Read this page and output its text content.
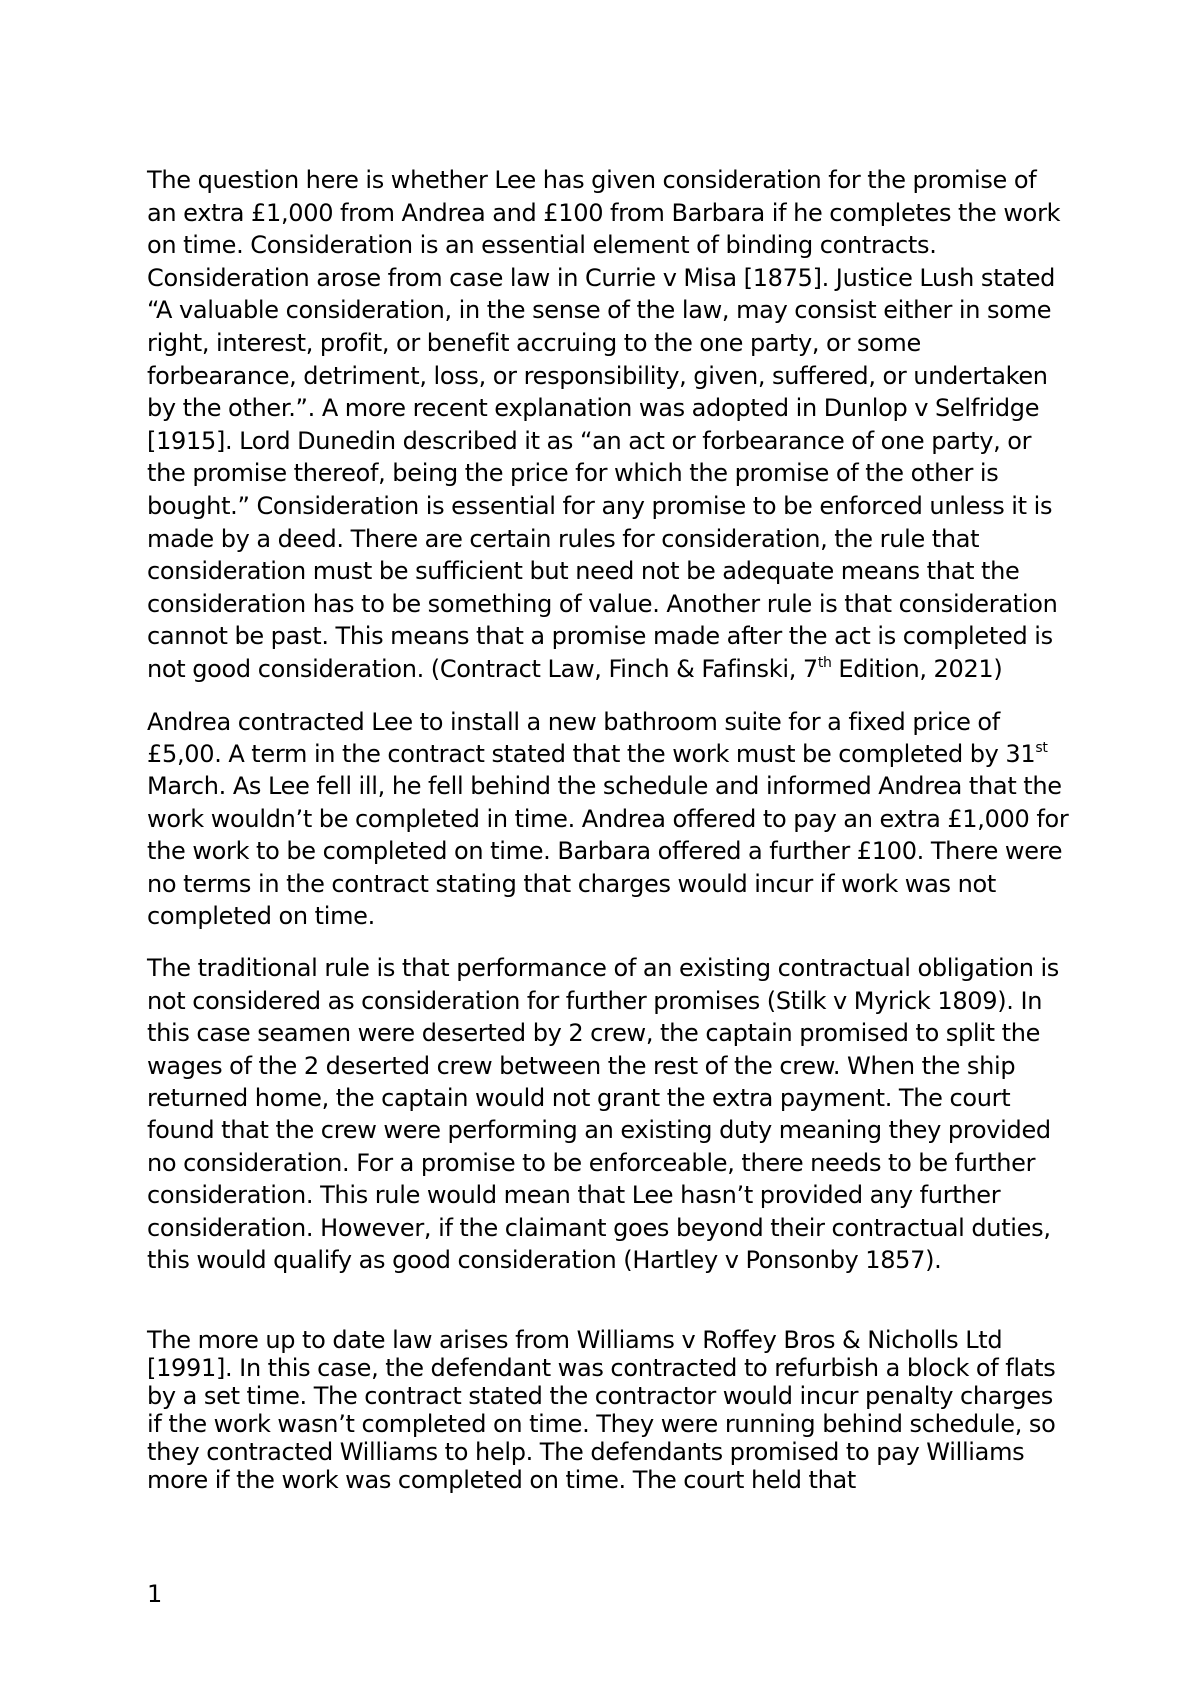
The question here is whether Lee has given consideration for the promise of an extra £1,000 from Andrea and £100 from Barbara if he completes the work on time. Consideration is an essential element of binding contracts. Consideration arose from case law in Currie v Misa [1875]. Justice Lush stated “A valuable consideration, in the sense of the law, may consist either in some right, interest, profit, or benefit accruing to the one party, or some forbearance, detriment, loss, or responsibility, given, suffered, or undertaken by the other.”. A more recent explanation was adopted in Dunlop v Selfridge [1915]. Lord Dunedin described it as “an act or forbearance of one party, or the promise thereof, being the price for which the promise of the other is bought.” Consideration is essential for any promise to be enforced unless it is made by a deed. There are certain rules for consideration, the rule that consideration must be sufficient but need not be adequate means that the consideration has to be something of value. Another rule is that consideration cannot be past. This means that a promise made after the act is completed is not good consideration. (Contract Law, Finch & Fafinski, 7th Edition, 2021)

Andrea contracted Lee to install a new bathroom suite for a fixed price of £5,00. A term in the contract stated that the work must be completed by 31st March. As Lee fell ill, he fell behind the schedule and informed Andrea that the work wouldn’t be completed in time. Andrea offered to pay an extra £1,000 for the work to be completed on time. Barbara offered a further £100. There were no terms in the contract stating that charges would incur if work was not completed on time.

The traditional rule is that performance of an existing contractual obligation is not considered as consideration for further promises (Stilk v Myrick 1809). In this case seamen were deserted by 2 crew, the captain promised to split the wages of the 2 deserted crew between the rest of the crew. When the ship returned home, the captain would not grant the extra payment. The court found that the crew were performing an existing duty meaning they provided no consideration. For a promise to be enforceable, there needs to be further consideration. This rule would mean that Lee hasn’t provided any further consideration. However, if the claimant goes beyond their contractual duties, this would qualify as good consideration (Hartley v Ponsonby 1857).

The more up to date law arises from Williams v Roffey Bros & Nicholls Ltd [1991]. In this case, the defendant was contracted to refurbish a block of flats by a set time. The contract stated the contractor would incur penalty charges if the work wasn’t completed on time. They were running behind schedule, so they contracted Williams to help. The defendants promised to pay Williams more if the work was completed on time. The court held that

1
